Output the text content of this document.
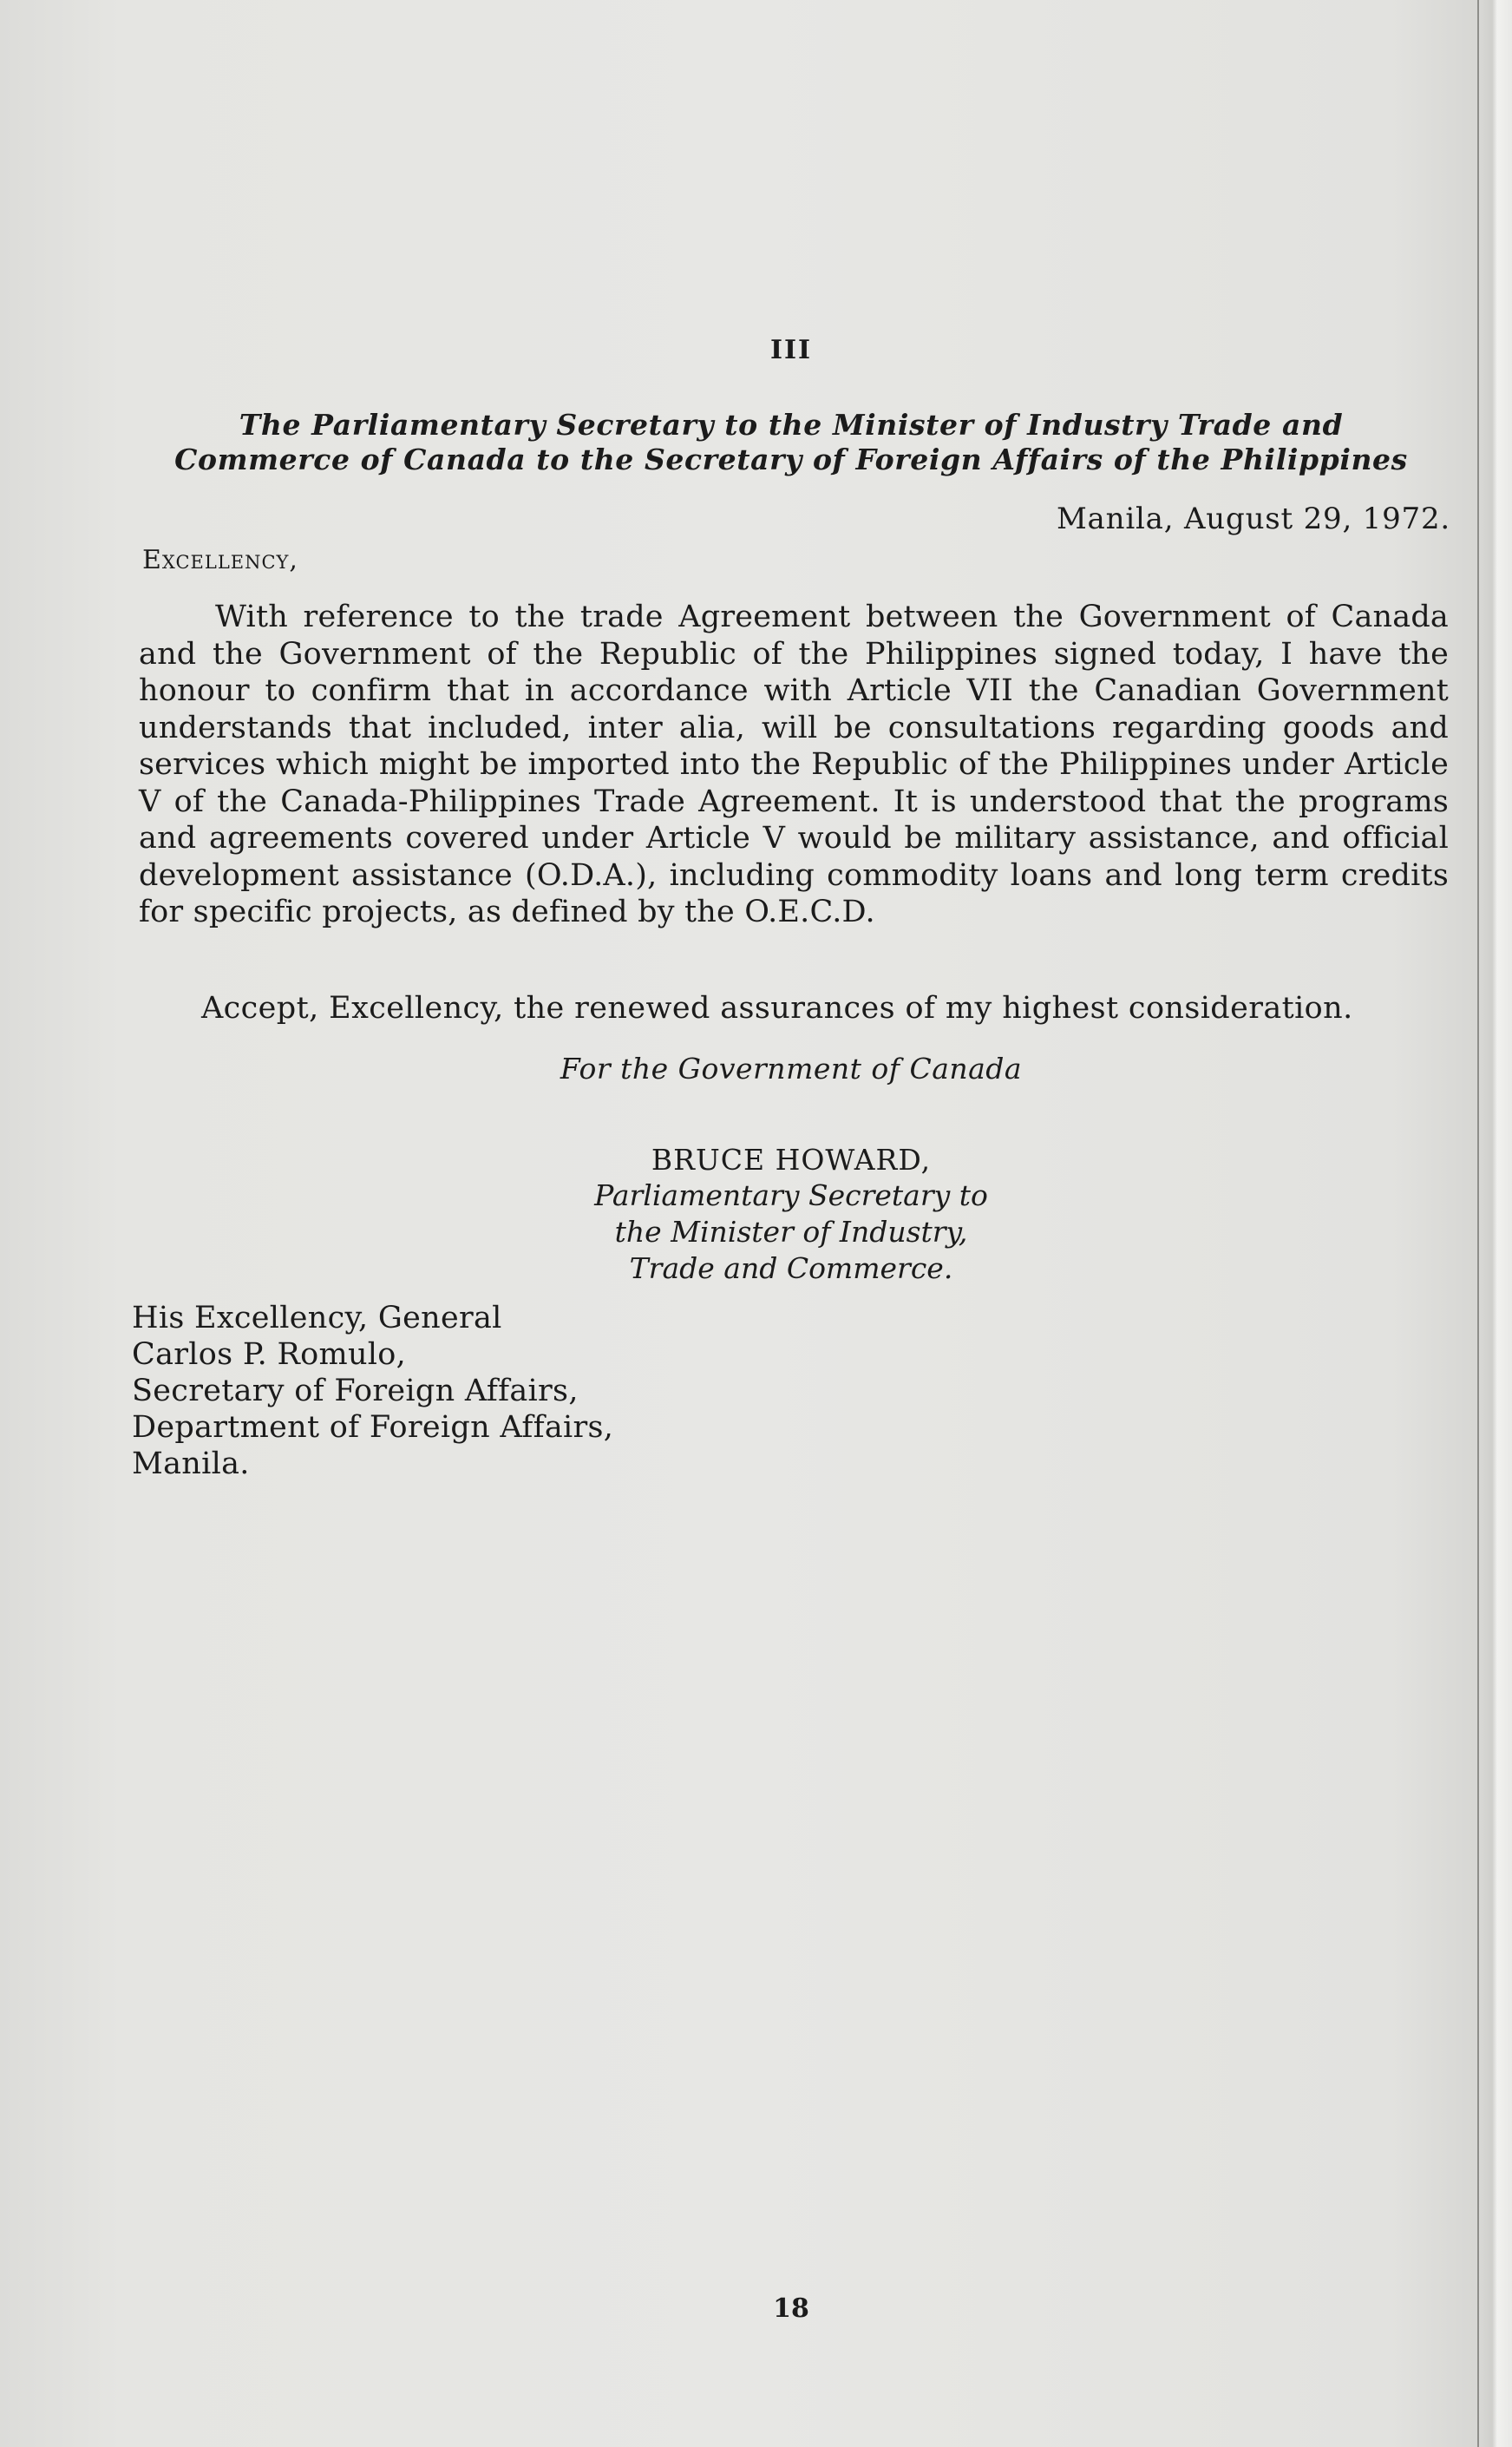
III
The Parliamentary Secretary to the Minister of Industry Trade and
Commerce of Canada to the Secretary of Foreign Affairs of the Philippines
Manila, August 29, 1972.
Excellency,
With reference to the trade Agreement between the Government of Canada and the Government of the Republic of the Philippines signed today, I have the honour to confirm that in accordance with Article VII the Canadian Government understands that included, inter alia, will be consultations regarding goods and services which might be imported into the Republic of the Philippines under Article V of the Canada-Philippines Trade Agreement. It is understood that the programs and agreements covered under Article V would be military assistance, and official development assistance (O.D.A.), including commodity loans and long term credits for specific projects, as defined by the O.E.C.D.
Accept, Excellency, the renewed assurances of my highest consideration.
For the Government of Canada
BRUCE HOWARD,
Parliamentary Secretary to
the Minister of Industry,
Trade and Commerce.
His Excellency, General
Carlos P. Romulo,
Secretary of Foreign Affairs,
Department of Foreign Affairs,
Manila.
18
